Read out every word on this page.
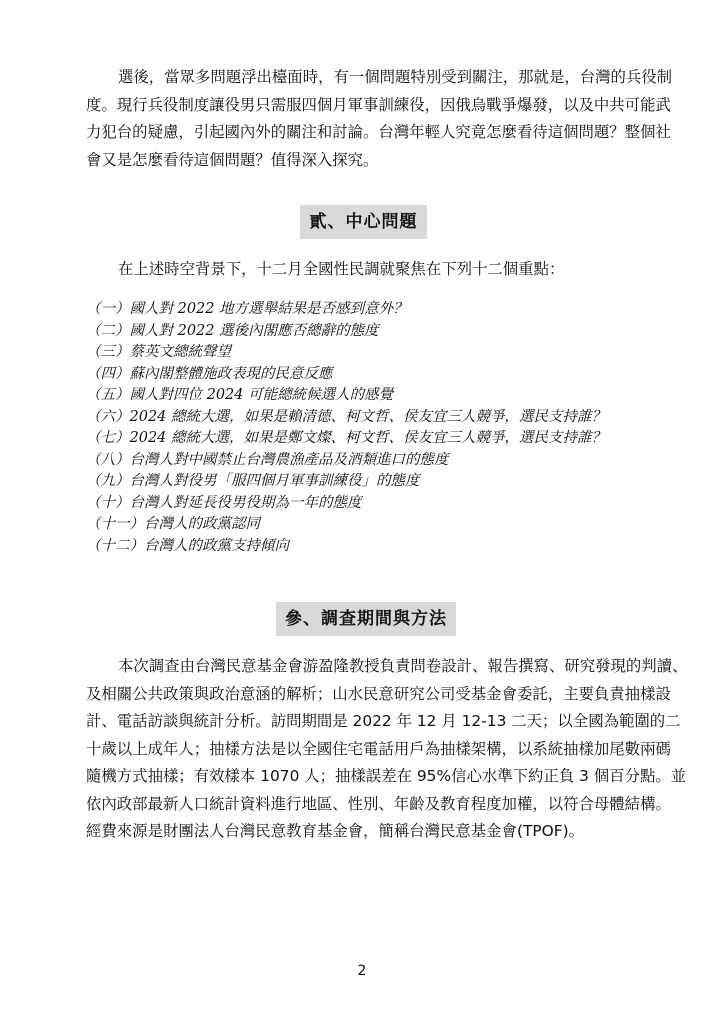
選後，當眾多問題浮出檯面時，有一個問題特別受到關注，那就是，台灣的兵役制
度。現行兵役制度讓役男只需服四個月軍事訓練役，因俄烏戰爭爆發，以及中共可能武
力犯台的疑慮，引起國內外的關注和討論。台灣年輕人究竟怎麼看待這個問題？整個社
會又是怎麼看待這個問題？值得深入探究。
貳、中心問題
在上述時空背景下，十二月全國性民調就聚焦在下列十二個重點：
（一）國人對 2022 地方選舉結果是否感到意外？
（二）國人對 2022 選後內閣應否總辭的態度
（三）蔡英文總統聲望
（四）蘇內閣整體施政表現的民意反應
（五）國人對四位 2024 可能總統候選人的感覺
（六）2024 總統大選，如果是賴清德、柯文哲、侯友宜三人競爭，選民支持誰？
（七）2024 總統大選，如果是鄭文燦、柯文哲、侯友宜三人競爭，選民支持誰？
（八）台灣人對中國禁止台灣農漁產品及酒類進口的態度
（九）台灣人對役男「服四個月軍事訓練役」的態度
（十）台灣人對延長役男役期為一年的態度
（十一）台灣人的政黨認同
（十二）台灣人的政黨支持傾向
參、調查期間與方法
本次調查由台灣民意基金會游盈隆教授負責問卷設計、報告撰寫、研究發現的判讀、
及相關公共政策與政治意涵的解析；山水民意研究公司受基金會委託，主要負責抽樣設
計、電話訪談與統計分析。訪問期間是 2022 年 12 月 12-13 二天；以全國為範圍的二
十歲以上成年人；抽樣方法是以全國住宅電話用戶為抽樣架構，以系統抽樣加尾數兩碼
隨機方式抽樣；有效樣本 1070 人；抽樣誤差在 95%信心水準下約正負 3 個百分點。並
依內政部最新人口統計資料進行地區、性別、年齡及教育程度加權，以符合母體結構。
經費來源是財團法人台灣民意教育基金會，簡稱台灣民意基金會(TPOF)。
2
